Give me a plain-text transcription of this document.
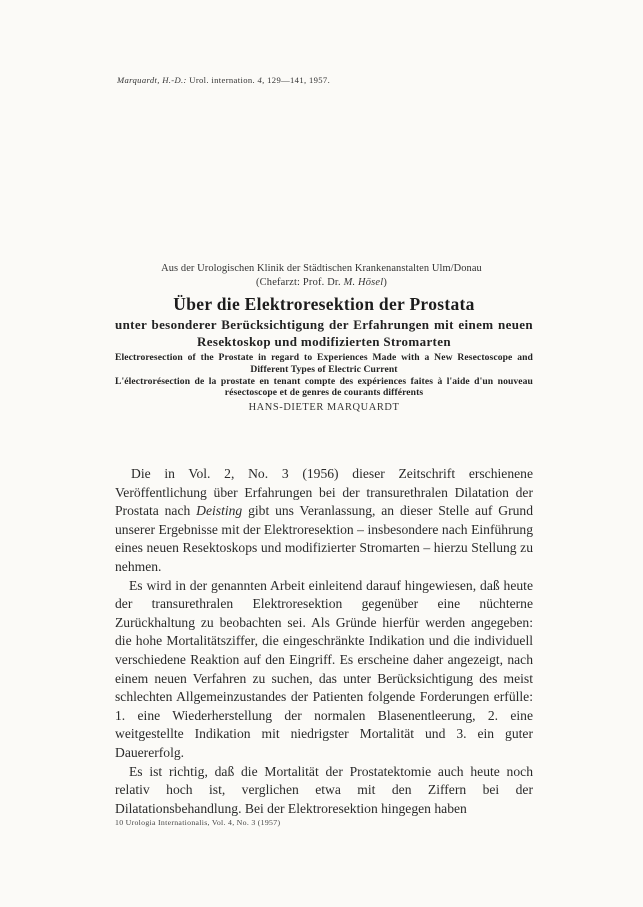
Marquardt, H.-D.: Urol. internation. 4, 129—141, 1957.
Aus der Urologischen Klinik der Städtischen Krankenanstalten Ulm/Donau
(Chefarzt: Prof. Dr. M. Hösel)
Über die Elektroresektion der Prostata
unter besonderer Berücksichtigung der Erfahrungen mit einem neuen Resektoskop und modifizierten Stromarten
Electroresection of the Prostate in regard to Experiences Made with a New Resectoscope and Different Types of Electric Current
L'électrorésection de la prostate en tenant compte des expériences faites à l'aide d'un nouveau résectoscope et de genres de courants différents
HANS-DIETER MARQUARDT

Die in Vol. 2, No. 3 (1956) dieser Zeitschrift erschienene Veröffentlichung über Erfahrungen bei der transurethralen Dilatation der Prostata nach Deisting gibt uns Veranlassung, an dieser Stelle auf Grund unserer Ergebnisse mit der Elektroresektion – insbesondere nach Einführung eines neuen Resektoskops und modifizierter Stromarten – hierzu Stellung zu nehmen.

Es wird in der genannten Arbeit einleitend darauf hingewiesen, daß heute der transurethralen Elektroresektion gegenüber eine nüchterne Zurückhaltung zu beobachten sei. Als Gründe hierfür werden angegeben: die hohe Mortalitätsziffer, die eingeschränkte Indikation und die individuell verschiedene Reaktion auf den Eingriff. Es erscheine daher angezeigt, nach einem neuen Verfahren zu suchen, das unter Berücksichtigung des meist schlechten Allgemeinzustandes der Patienten folgende Forderungen erfülle: 1. eine Wiederherstellung der normalen Blasenentleerung, 2. eine weitgestellte Indikation mit niedrigster Mortalität und 3. ein guter Dauererfolg.

Es ist richtig, daß die Mortalität der Prostatektomie auch heute noch relativ hoch ist, verglichen etwa mit den Ziffern bei der Dilatationsbehandlung. Bei der Elektroresektion hingegen haben

10 Urologia Internationalis, Vol. 4, No. 3 (1957)
